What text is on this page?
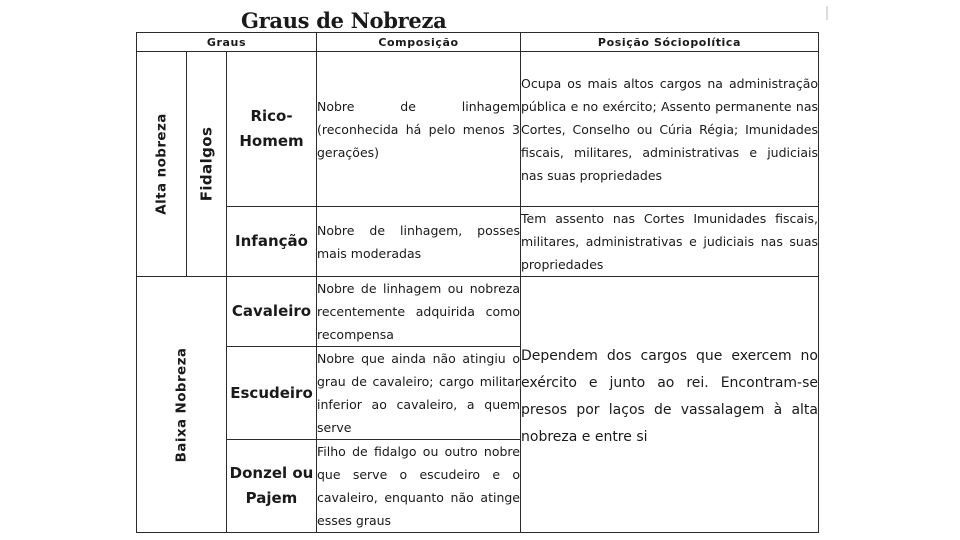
Graus de Nobreza
Graus			Composição	Posição Sóciopolítica

Alta nobreza	Fidalgos	Rico-Homem	Nobre de linhagem (reconhecida há pelo menos 3 gerações)	Ocupa os mais altos cargos na administração pública e no exército; Assento permanente nas Cortes, Conselho ou Cúria Régia; Imunidades fiscais, militares, administrativas e judiciais nas suas propriedades
		Infanção	Nobre de linhagem, posses mais moderadas	Tem assento nas Cortes Imunidades fiscais, militares, administrativas e judiciais nas suas propriedades

Baixa Nobreza		Cavaleiro	Nobre de linhagem ou nobreza recentemente adquirida como recompensa	Dependem dos cargos que exercem no exército e junto ao rei. Encontram-se presos por laços de vassalagem à alta nobreza e entre si
		Escudeiro	Nobre que ainda não atingiu o grau de cavaleiro; cargo militar inferior ao cavaleiro, a quem serve	
		Donzel ou Pajem	Filho de fidalgo ou outro nobre que serve o escudeiro e o cavaleiro, enquanto não atinge esses graus	
